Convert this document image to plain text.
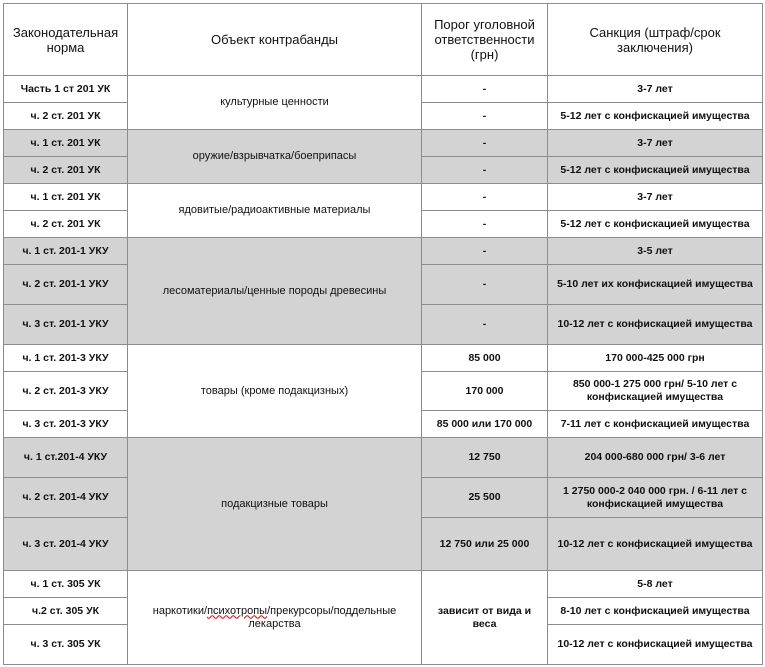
Законодательная норма	Объект контрабанды	Порог уголовной ответственности (грн)	Санкция (штраф/срок заключения)
Часть 1 ст 201 УК	культурные ценности	-	3-7 лет
ч. 2 ст. 201 УК		-	5-12 лет с конфискацией имущества
ч. 1 ст. 201 УК	оружие/взрывчатка/боеприпасы	-	3-7 лет
ч. 2 ст. 201 УК		-	5-12 лет с конфискацией имущества
ч. 1 ст. 201 УК	ядовитые/радиоактивные материалы	-	3-7 лет
ч. 2 ст. 201 УК		-	5-12 лет с конфискацией имущества
ч. 1 ст. 201-1 УКУ	лесоматериалы/ценные породы древесины	-	3-5 лет
ч. 2 ст. 201-1 УКУ		-	5-10 лет их конфискацией имущества
ч. 3 ст. 201-1 УКУ		-	10-12 лет с конфискацией имущества
ч. 1 ст. 201-3 УКУ	товары (кроме подакцизных)	85 000	170 000-425 000 грн
ч. 2 ст. 201-3 УКУ		170 000	850 000-1 275 000 грн/ 5-10 лет с конфискацией имущества
ч. 3 ст. 201-3 УКУ		85 000 или 170 000	7-11 лет с конфискацией имущества
ч. 1 ст.201-4 УКУ	подакцизные товары	12 750	204 000-680 000 грн/ 3-6 лет
ч. 2 ст. 201-4 УКУ		25 500	1 2750 000-2 040 000 грн. / 6-11 лет с конфискацией имущества
ч. 3 ст. 201-4 УКУ		12 750 или 25 000	10-12 лет с конфискацией имущества
ч. 1 ст. 305 УК	наркотики/психотропы/прекурсоры/поддельные лекарства	зависит от вида и веса	5-8 лет
ч.2 ст. 305 УК			8-10 лет с конфискацией имущества
ч. 3 ст. 305 УК			10-12 лет с конфискацией имущества
